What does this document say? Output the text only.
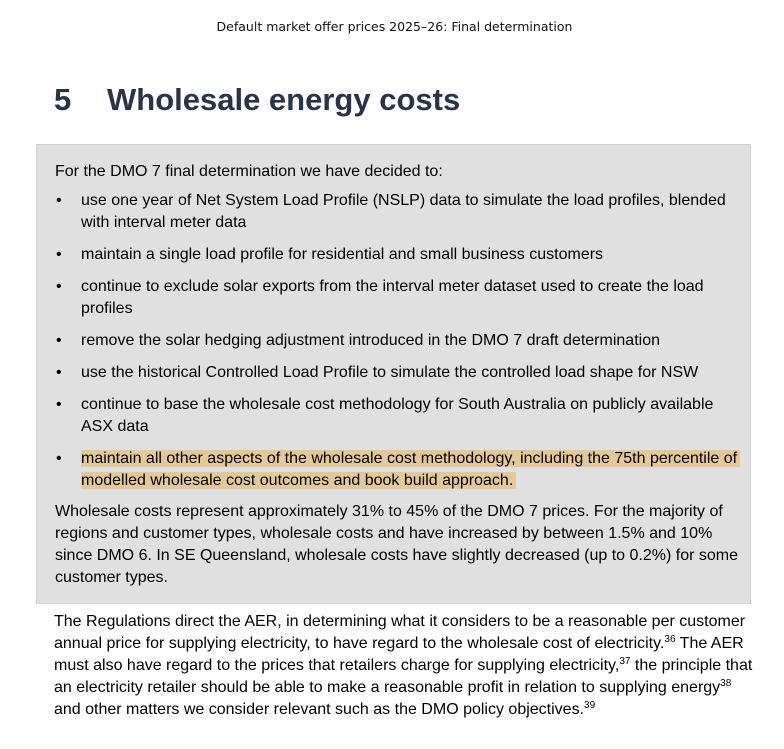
Default market offer prices 2025–26: Final determination
5 Wholesale energy costs
For the DMO 7 final determination we have decided to:
• use one year of Net System Load Profile (NSLP) data to simulate the load profiles, blended with interval meter data
• maintain a single load profile for residential and small business customers
• continue to exclude solar exports from the interval meter dataset used to create the load profiles
• remove the solar hedging adjustment introduced in the DMO 7 draft determination
• use the historical Controlled Load Profile to simulate the controlled load shape for NSW
• continue to base the wholesale cost methodology for South Australia on publicly available ASX data
• maintain all other aspects of the wholesale cost methodology, including the 75th percentile of modelled wholesale cost outcomes and book build approach.

Wholesale costs represent approximately 31% to 45% of the DMO 7 prices. For the majority of regions and customer types, wholesale costs and have increased by between 1.5% and 10% since DMO 6. In SE Queensland, wholesale costs have slightly decreased (up to 0.2%) for some customer types.

The Regulations direct the AER, in determining what it considers to be a reasonable per customer annual price for supplying electricity, to have regard to the wholesale cost of electricity.$^{36}$ The AER must also have regard to the prices that retailers charge for supplying electricity,$^{37}$ the principle that an electricity retailer should be able to make a reasonable profit in relation to supplying energy$^{38}$ and other matters we consider relevant such as the DMO policy objectives.$^{39}$
